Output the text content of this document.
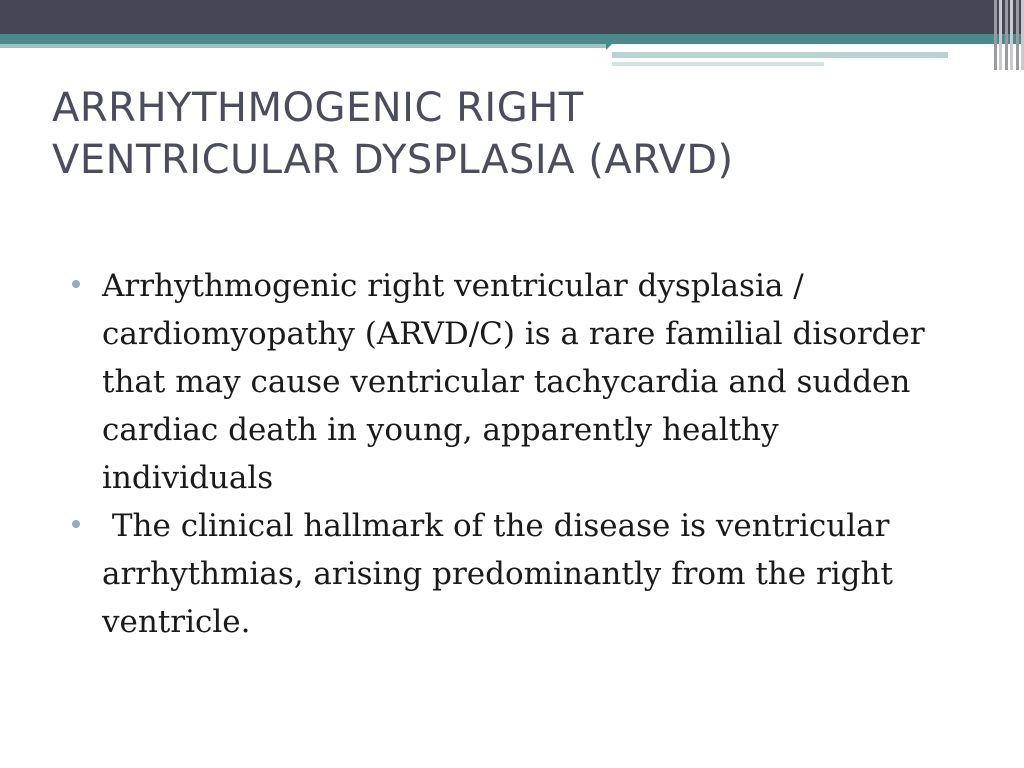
ARRHYTHMOGENIC RIGHT
VENTRICULAR DYSPLASIA (ARVD)
Arrhythmogenic right ventricular dysplasia / cardiomyopathy (ARVD/C) is a rare familial disorder that may cause ventricular tachycardia and sudden cardiac death in young, apparently healthy individuals
The clinical hallmark of the disease is ventricular arrhythmias, arising predominantly from the right ventricle.
